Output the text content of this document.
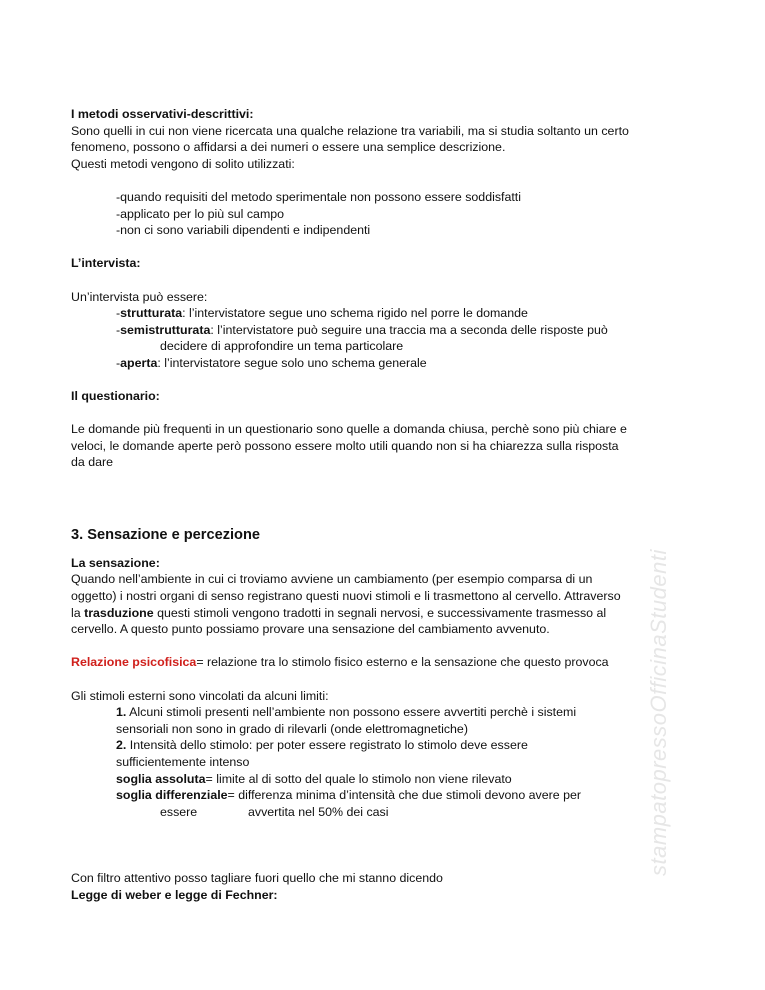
I metodi osservativi-descrittivi:
Sono quelli in cui non viene ricercata una qualche relazione tra variabili, ma si studia soltanto un certo
fenomeno, possono o affidarsi a dei numeri o essere una semplice descrizione.
Questi metodi vengono di solito utilizzati:
-quando requisiti del metodo sperimentale non possono essere soddisfatti
-applicato per lo più sul campo
-non ci sono variabili dipendenti e indipendenti
L’intervista:
Un’intervista può essere:
-strutturata: l’intervistatore segue uno schema rigido nel porre le domande
-semistrutturata: l’intervistatore può seguire una traccia ma a seconda delle risposte può
decidere di approfondire un tema particolare
-aperta: l’intervistatore segue solo uno schema generale
Il questionario:
Le domande più frequenti in un questionario sono quelle a domanda chiusa, perchè sono più chiare e
veloci, le domande aperte però possono essere molto utili quando non si ha chiarezza sulla risposta
da dare
3. Sensazione e percezione
La sensazione:
Quando nell’ambiente in cui ci troviamo avviene un cambiamento (per esempio comparsa di un
oggetto) i nostri organi di senso registrano questi nuovi stimoli e li trasmettono al cervello. Attraverso
la trasduzione questi stimoli vengono tradotti in segnali nervosi, e successivamente trasmesso al
cervello. A questo punto possiamo provare una sensazione del cambiamento avvenuto.
Relazione psicofisica= relazione tra lo stimolo fisico esterno e la sensazione che questo provoca
Gli stimoli esterni sono vincolati da alcuni limiti:
1. Alcuni stimoli presenti nell’ambiente non possono essere avvertiti perchè i sistemi
sensoriali non sono in grado di rilevarli (onde elettromagnetiche)
2. Intensità dello stimolo: per poter essere registrato lo stimolo deve essere
sufficientemente intenso
soglia assoluta= limite al di sotto del quale lo stimolo non viene rilevato
soglia differenziale= differenza minima d’intensità che due stimoli devono avere per
essere	avvertita nel 50% dei casi
Con filtro attentivo posso tagliare fuori quello che mi stanno dicendo
Legge di weber e legge di Fechner:
stampatopressoOfficinaStudenti
